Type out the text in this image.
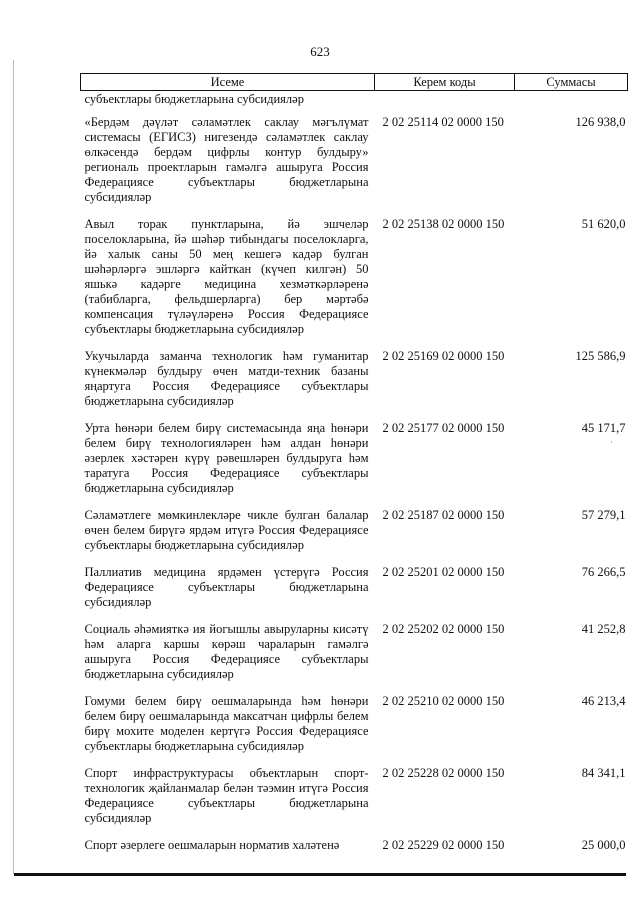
623
Исеме	Керем коды	Суммасы
субъектлары бюджетларына субсидияләр		
«Бердәм дәүләт сәламәтлек саклау мәгълүмат системасы (ЕГИСЗ) нигезендә сәламәтлек саклау өлкәсендә бердәм цифрлы контур булдыру» региональ проектларын гамәлгә ашыруга Россия Федерациясе субъектлары бюджетларына субсидияләр	2 02 25114 02 0000 150	126 938,0
Авыл торак пунктларына, йә эшчеләр поселокларына, йә шәһәр тибындагы поселокларга, йә халык саны 50 мең кешегә кадәр булган шәһәрләргә эшләргә кайткан (күчеп килгән) 50 яшькә кадәрге медицина хезмәткәрләренә (табибларга, фельдшерларга) бер мәртәбә компенсация түләүләренә Россия Федерациясе субъектлары бюджетларына субсидияләр	2 02 25138 02 0000 150	51 620,0
Укучыларда заманча технологик һәм гуманитар күнекмәләр булдыру өчен матди-техник базаны яңартуга Россия Федерациясе субъектлары бюджетларына субсидияләр	2 02 25169 02 0000 150	125 586,9
Урта һөнәри белем бирү системасында яңа һөнәри белем бирү технологияләрен һәм алдан һөнәри әзерлек хәстәрен күрү рәвешләрен булдыруга һәм таратуга Россия Федерациясе субъектлары бюджетларына субсидияләр	2 02 25177 02 0000 150	45 171,7
Сәламәтлеге мөмкинлекләре чикле булган балалар өчен белем бирүгә ярдәм итүгә Россия Федерациясе субъектлары бюджетларына субсидияләр	2 02 25187 02 0000 150	57 279,1
Паллиатив медицина ярдәмен үстерүгә Россия Федерациясе субъектлары бюджетларына субсидияләр	2 02 25201 02 0000 150	76 266,5
Социаль әһәмияткә ия йогышлы авыруларны кисәтү һәм аларга каршы көрәш чараларын гамәлгә ашыруга Россия Федерациясе субъектлары бюджетларына субсидияләр	2 02 25202 02 0000 150	41 252,8
Гомуми белем бирү оешмаларында һәм һөнәри белем бирү оешмаларында максатчан цифрлы белем бирү мохите моделен кертүгә Россия Федерациясе субъектлары бюджетларына субсидияләр	2 02 25210 02 0000 150	46 213,4
Спорт инфраструктурасы объектларын спорт-технологик җайланмалар белән тәэмин итүгә Россия Федерациясе субъектлары бюджетларына субсидияләр	2 02 25228 02 0000 150	84 341,1
Спорт әзерлеге оешмаларын норматив халәтенә	2 02 25229 02 0000 150	25 000,0
